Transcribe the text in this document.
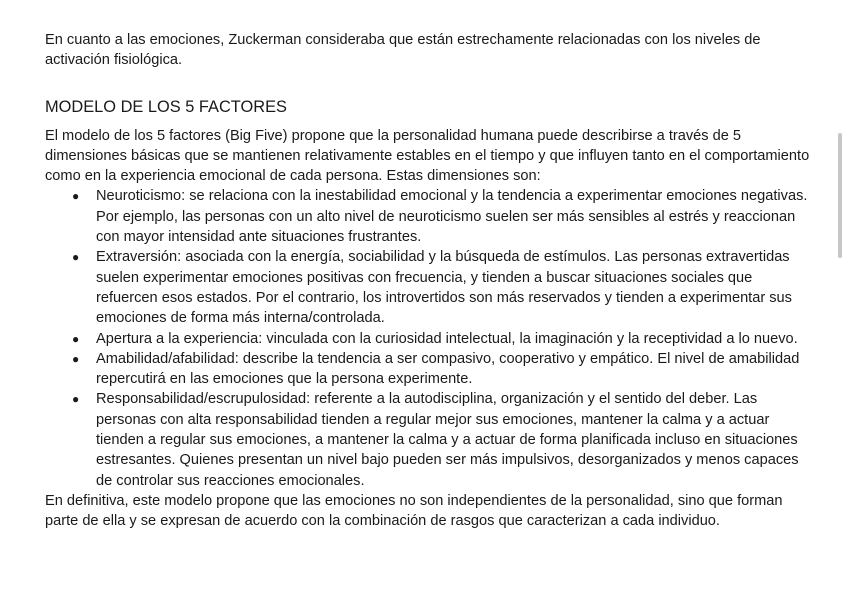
En cuanto a las emociones, Zuckerman consideraba que están estrechamente relacionadas con los niveles de activación fisiológica.

MODELO DE LOS 5 FACTORES

El modelo de los 5 factores (Big Five) propone que la personalidad humana puede describirse a través de 5 dimensiones básicas que se mantienen relativamente estables en el tiempo y que influyen tanto en el comportamiento como en la experiencia emocional de cada persona. Estas dimensiones son:

● Neuroticismo: se relaciona con la inestabilidad emocional y la tendencia a experimentar emociones negativas. Por ejemplo, las personas con un alto nivel de neuroticismo suelen ser más sensibles al estrés y reaccionan con mayor intensidad ante situaciones frustrantes.
● Extraversión: asociada con la energía, sociabilidad y la búsqueda de estímulos. Las personas extravertidas suelen experimentar emociones positivas con frecuencia, y tienden a buscar situaciones sociales que refuercen esos estados. Por el contrario, los introvertidos son más reservados y tienden a experimentar sus emociones de forma más interna/controlada.
● Apertura a la experiencia: vinculada con la curiosidad intelectual, la imaginación y la receptividad a lo nuevo.
● Amabilidad/afabilidad: describe la tendencia a ser compasivo, cooperativo y empático. El nivel de amabilidad repercutirá en las emociones que la persona experimente.
● Responsabilidad/escrupulosidad: referente a la autodisciplina, organización y el sentido del deber. Las personas con alta responsabilidad tienden a regular mejor sus emociones, mantener la calma y a actuar tienden a regular sus emociones, a mantener la calma y a actuar de forma planificada incluso en situaciones estresantes. Quienes presentan un nivel bajo pueden ser más impulsivos, desorganizados y menos capaces de controlar sus reacciones emocionales.

En definitiva, este modelo propone que las emociones no son independientes de la personalidad, sino que forman parte de ella y se expresan de acuerdo con la combinación de rasgos que caracterizan a cada individuo.
